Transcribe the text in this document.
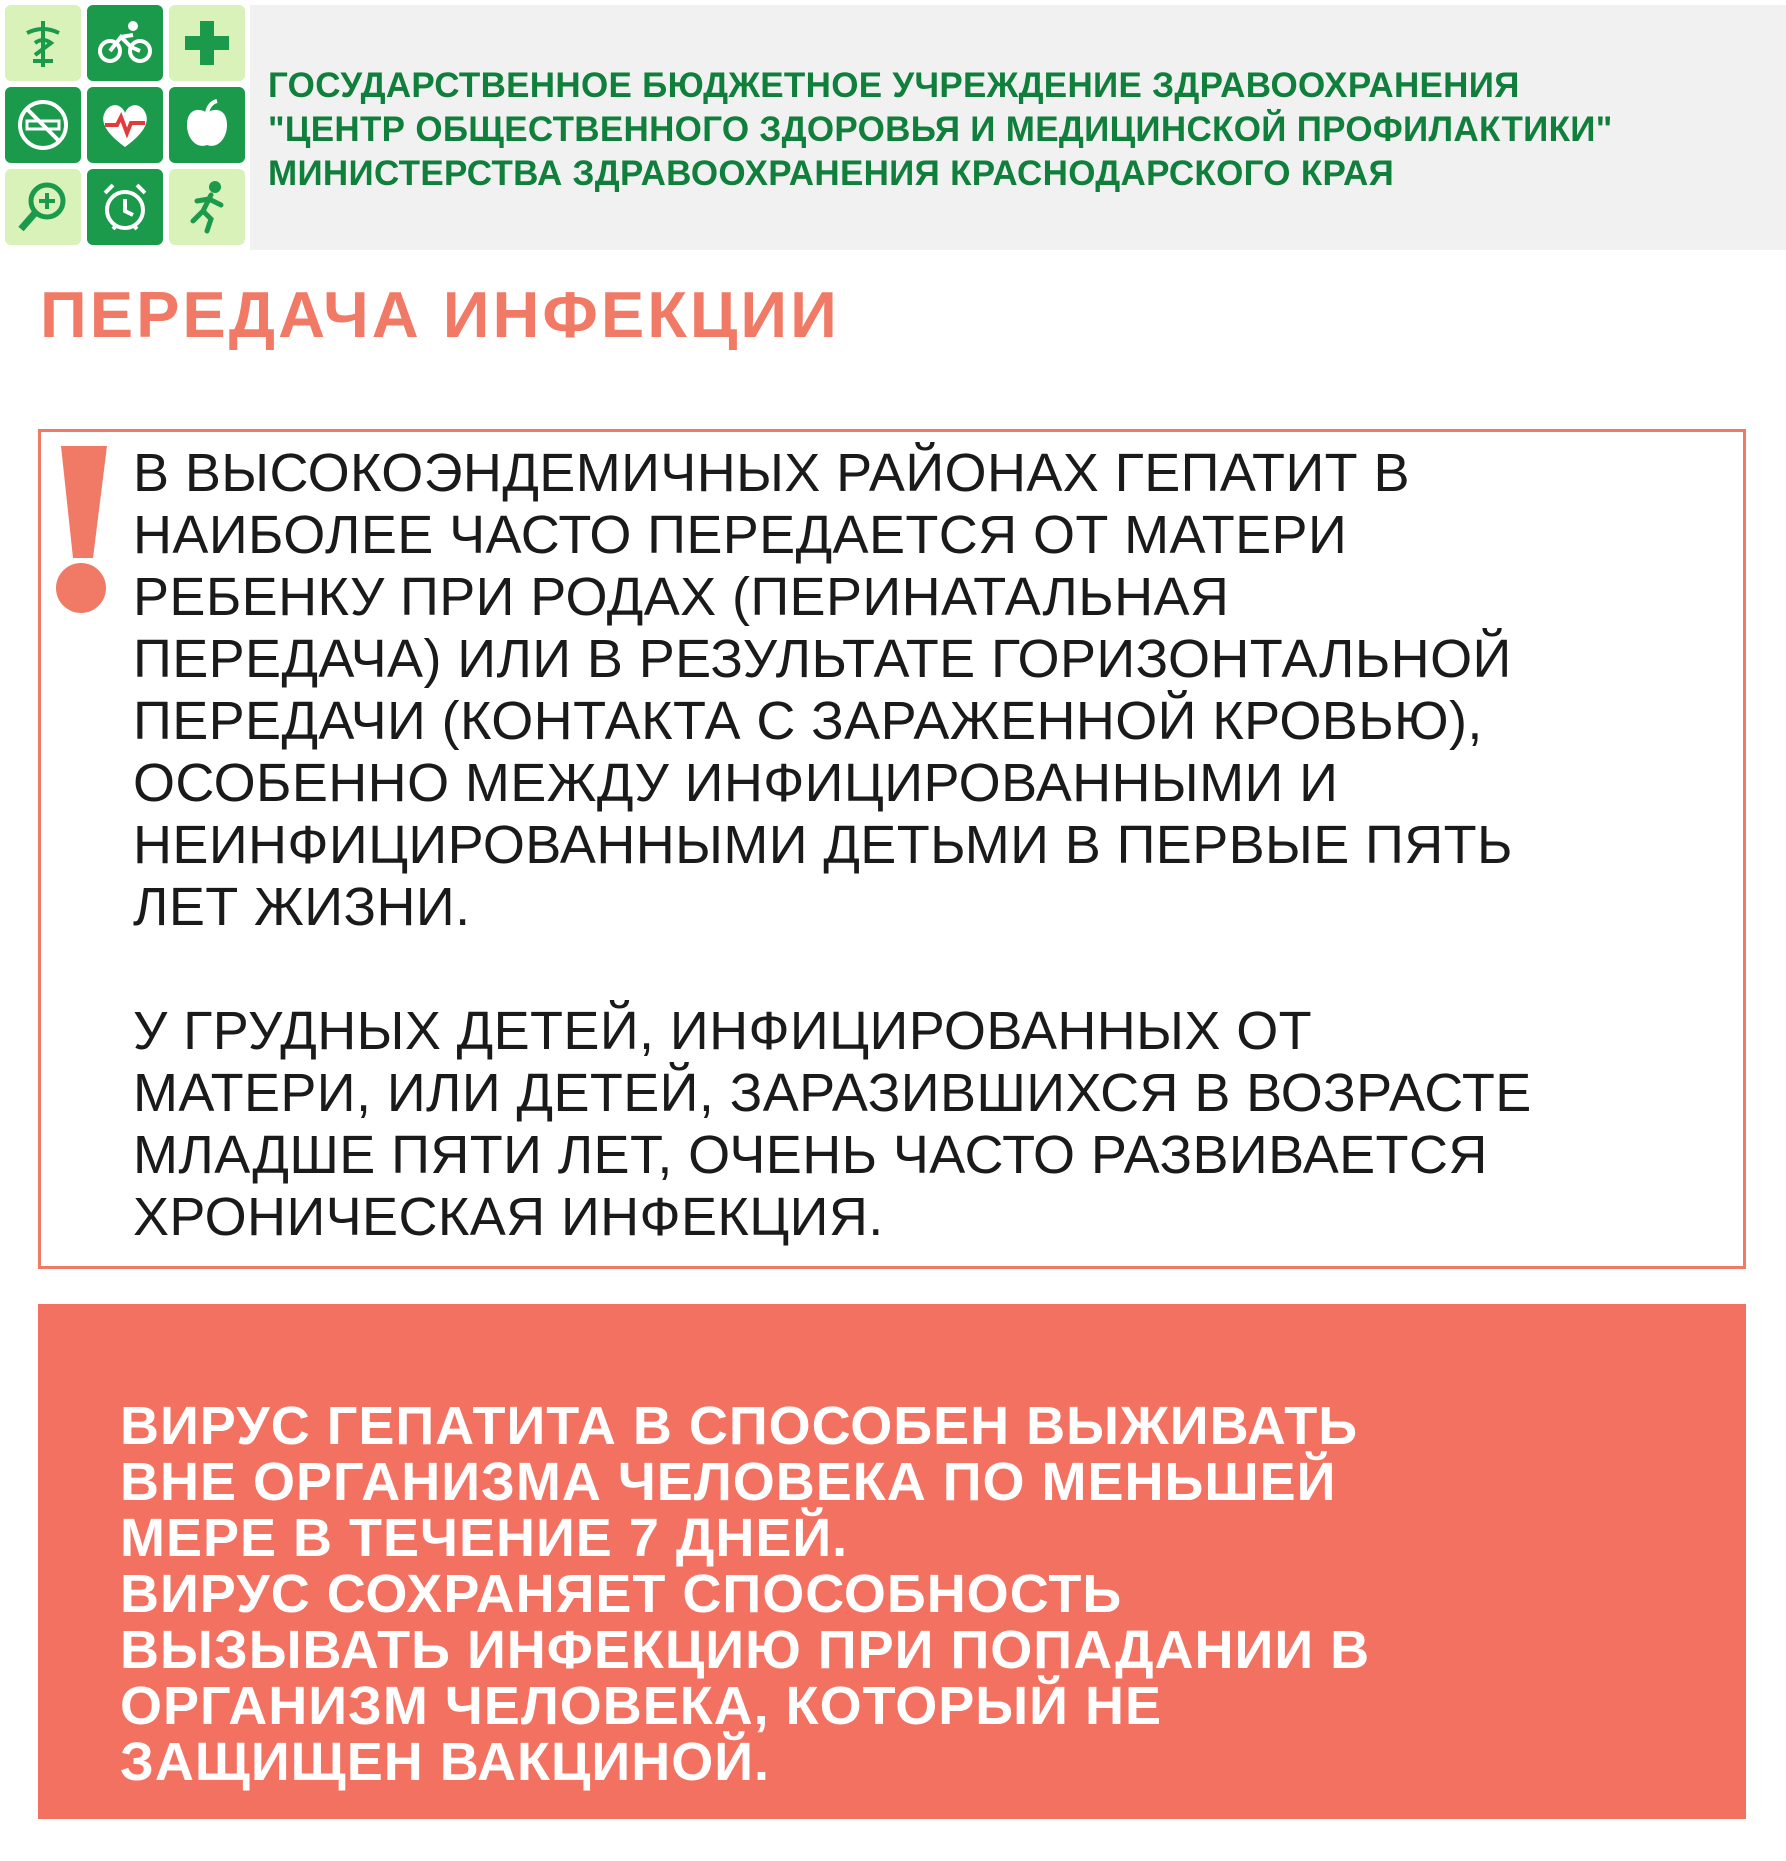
ГОСУДАРСТВЕННОЕ БЮДЖЕТНОЕ УЧРЕЖДЕНИЕ ЗДРАВООХРАНЕНИЯ
"ЦЕНТР ОБЩЕСТВЕННОГО ЗДОРОВЬЯ И МЕДИЦИНСКОЙ ПРОФИЛАКТИКИ"
МИНИСТЕРСТВА ЗДРАВООХРАНЕНИЯ КРАСНОДАРСКОГО КРАЯ
ПЕРЕДАЧА ИНФЕКЦИИ

В ВЫСОКОЭНДЕМИЧНЫХ РАЙОНАХ ГЕПАТИТ В
НАИБОЛЕЕ ЧАСТО ПЕРЕДАЕТСЯ ОТ МАТЕРИ
РЕБЕНКУ ПРИ РОДАХ (ПЕРИНАТАЛЬНАЯ
ПЕРЕДАЧА) ИЛИ В РЕЗУЛЬТАТЕ ГОРИЗОНТАЛЬНОЙ
ПЕРЕДАЧИ (КОНТАКТА С ЗАРАЖЕННОЙ КРОВЬЮ),
ОСОБЕННО МЕЖДУ ИНФИЦИРОВАННЫМИ И
НЕИНФИЦИРОВАННЫМИ ДЕТЬМИ В ПЕРВЫЕ ПЯТЬ
ЛЕТ ЖИЗНИ.

У ГРУДНЫХ ДЕТЕЙ, ИНФИЦИРОВАННЫХ ОТ
МАТЕРИ, ИЛИ ДЕТЕЙ, ЗАРАЗИВШИХСЯ В ВОЗРАСТЕ
МЛАДШЕ ПЯТИ ЛЕТ, ОЧЕНЬ ЧАСТО РАЗВИВАЕТСЯ
ХРОНИЧЕСКАЯ ИНФЕКЦИЯ.

ВИРУС ГЕПАТИТА В СПОСОБЕН ВЫЖИВАТЬ
ВНЕ ОРГАНИЗМА ЧЕЛОВЕКА ПО МЕНЬШЕЙ
МЕРЕ В ТЕЧЕНИЕ 7 ДНЕЙ.
ВИРУС СОХРАНЯЕТ СПОСОБНОСТЬ
ВЫЗЫВАТЬ ИНФЕКЦИЮ ПРИ ПОПАДАНИИ В
ОРГАНИЗМ ЧЕЛОВЕКА, КОТОРЫЙ НЕ
ЗАЩИЩЕН ВАКЦИНОЙ.
